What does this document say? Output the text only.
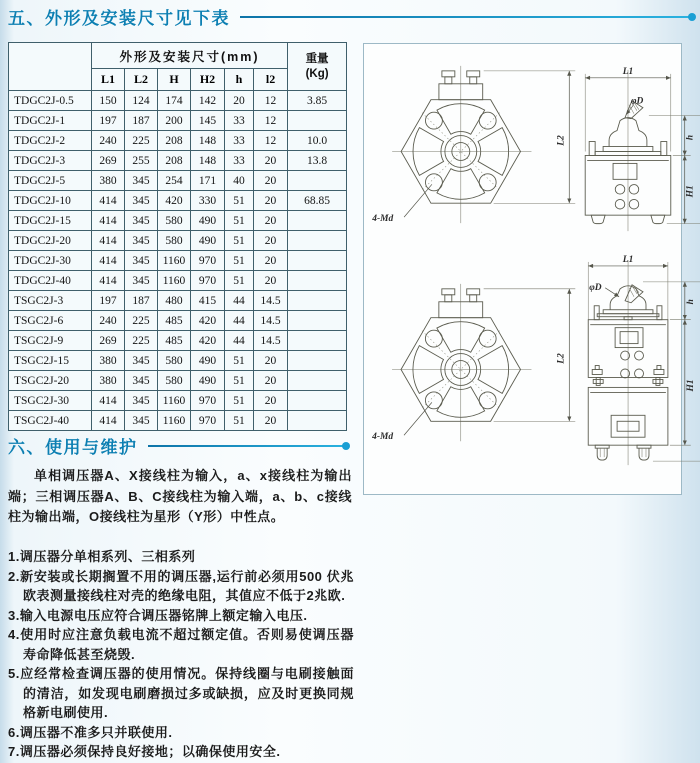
五、外形及安装尺寸见下表
	外形及安装尺寸(mm)						重量
(Kg)

	L1	L2	H	H2	h	l2	
TDGC2J-0.5	150	124	174	142	20	12	3.85
TDGC2J-1	197	187	200	145	33	12	
TDGC2J-2	240	225	208	148	33	12	10.0
TDGC2J-3	269	255	208	148	33	20	13.8
TDGC2J-5	380	345	254	171	40	20	
TDGC2J-10	414	345	420	330	51	20	68.85
TDGC2J-15	414	345	580	490	51	20	
TDGC2J-20	414	345	580	490	51	20	
TDGC2J-30	414	345	1160	970	51	20	
TDGC2J-40	414	345	1160	970	51	20	
TSGC2J-3	197	187	480	415	44	14.5	
TSGC2J-6	240	225	485	420	44	14.5	
TSGC2J-9	269	225	485	420	44	14.5	
TSGC2J-15	380	345	580	490	51	20	
TSGC2J-20	380	345	580	490	51	20	
TSGC2J-30	414	345	1160	970	51	20	
TSGC2J-40	414	345	1160	970	51	20	
L2
4-Md
L1
φD
h
H1
L2
4-Md
L1
φD
h
H1
六、使用与维护
单相调压器A、X接线柱为输入，a、x接线柱为输出端；三相调压器A、B、C接线柱为输入端，a、b、c接线柱为输出端，O接线柱为星形（Y形）中性点。
1.调压器分单相系列、三相系列
2.新安装或长期搁置不用的调压器,运行前必须用500 伏兆欧表测量接线柱对壳的绝缘电阻，其值应不低于2兆欧.
3.输入电源电压应符合调压器铭牌上额定输入电压.
4.使用时应注意负载电流不超过额定值。否则易使调压器寿命降低甚至烧毁.
5.应经常检查调压器的使用情况。保持线圈与电刷接触面的清洁，如发现电刷磨损过多或缺损，应及时更换同规格新电刷使用.
6.调压器不准多只并联使用.
7.调压器必须保持良好接地；以确保使用安全.
